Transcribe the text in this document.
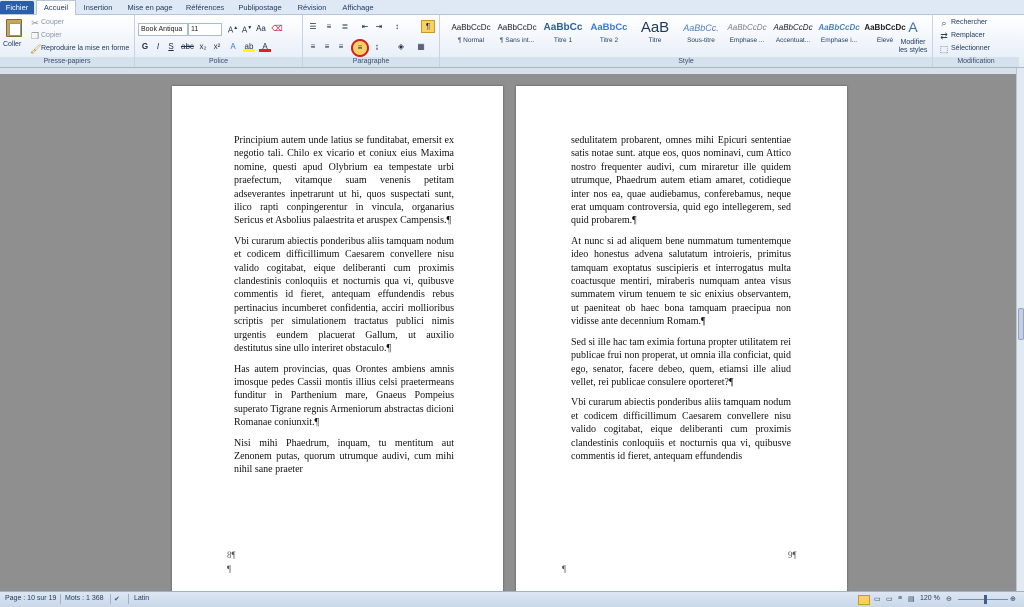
Fichier	Accueil	Insertion	Mise en page	Références	Publipostage	Révision	Affichage
Coller
✂ Couper
❐ Copier
🖌 Reproduire la mise en forme
Presse-papiers
Book Antiqua	11	A▲ A▼ Aa ⌫
G	I	S abc x₂ x²	A	ab	A
Police
☰	≡	≣	⇤ ⇥	↕	¶
≡	≡	≡	≡	↨	◈	▦
Paragraphe
AaBbCcDc
¶ Normal
AaBbCcDc
¶ Sans int...
AaBbCc
Titre 1
AaBbCc
Titre 2
AaB
Titre
AaBbCc.
Sous-titre
AaBbCcDc
Emphase ...
AaBbCcDc
Accentuat...
AaBbCcDc
Emphase i...
AaBbCcDc
Élevé
A
Modifier les styles
Style
⌕ Rechercher
⇄ Remplacer
⬚ Sélectionner
Modification

Principium autem unde latius se funditabat, emersit ex negotio tali. Chilo ex vicario et coniux eius Maxima nomine, questi apud Olybrium ea tempestate urbi praefectum, vitamque suam venenis petitam adseverantes inpetrarunt ut hi, quos suspectati sunt, ilico rapti conpingerentur in vincula, organarius Sericus et Asbolius palaestrita et aruspex Campensis.¶

Vbi curarum abiectis ponderibus aliis tamquam nodum et codicem difficillimum Caesarem convellere nisu valido cogitabat, eique deliberanti cum proximis clandestinis conloquiis et nocturnis qua vi, quibusve commentis id fieret, antequam effundendis rebus pertinacius incumberet confidentia, acciri mollioribus scriptis per simulationem tractatus publici nimis urgentis eundem placuerat Gallum, ut auxilio destitutus sine ullo interiret obstaculo.¶

Has autem provincias, quas Orontes ambiens amnis imosque pedes Cassii montis illius celsi praetermeans funditur in Parthenium mare, Gnaeus Pompeius superato Tigrane regnis Armeniorum abstractas dicioni Romanae coniunxit.¶

Nisi mihi Phaedrum, inquam, tu mentitum aut Zenonem putas, quorum utrumque audivi, cum mihi nihil sane praeter

8¶
¶

sedulitatem probarent, omnes mihi Epicuri sententiae satis notae sunt. atque eos, quos nominavi, cum Attico nostro frequenter audivi, cum miraretur ille quidem utrumque, Phaedrum autem etiam amaret, cotidieque inter nos ea, quae audiebamus, conferebamus, neque erat umquam controversia, quid ego intellegerem, sed quid probarem.¶

At nunc si ad aliquem bene nummatum tumentemque ideo honestus advena salutatum introieris, primitus tamquam exoptatus suscipieris et interrogatus multa coactusque mentiri, miraberis numquam antea visus summatem virum tenuem te sic enixius observantem, ut paeniteat ob haec bona tamquam praecipua non vidisse ante decennium Romam.¶

Sed si ille hac tam eximia fortuna propter utilitatem rei publicae frui non properat, ut omnia illa conficiat, quid ego, senator, facere debeo, quem, etiamsi ille aliud vellet, rei publicae consulere oporteret?¶

Vbi curarum abiectis ponderibus aliis tamquam nodum et codicem difficillimum Caesarem convellere nisu valido cogitabat, eique deliberanti cum proximis clandestinis conloquiis et nocturnis qua vi, quibusve commentis id fieret, antequam effundendis

9¶
¶
Page : 10 sur 19 Mots : 1 368 ✔ Latin	▭ ▭ ≡ ▤ 120 % ⊖	⊕
